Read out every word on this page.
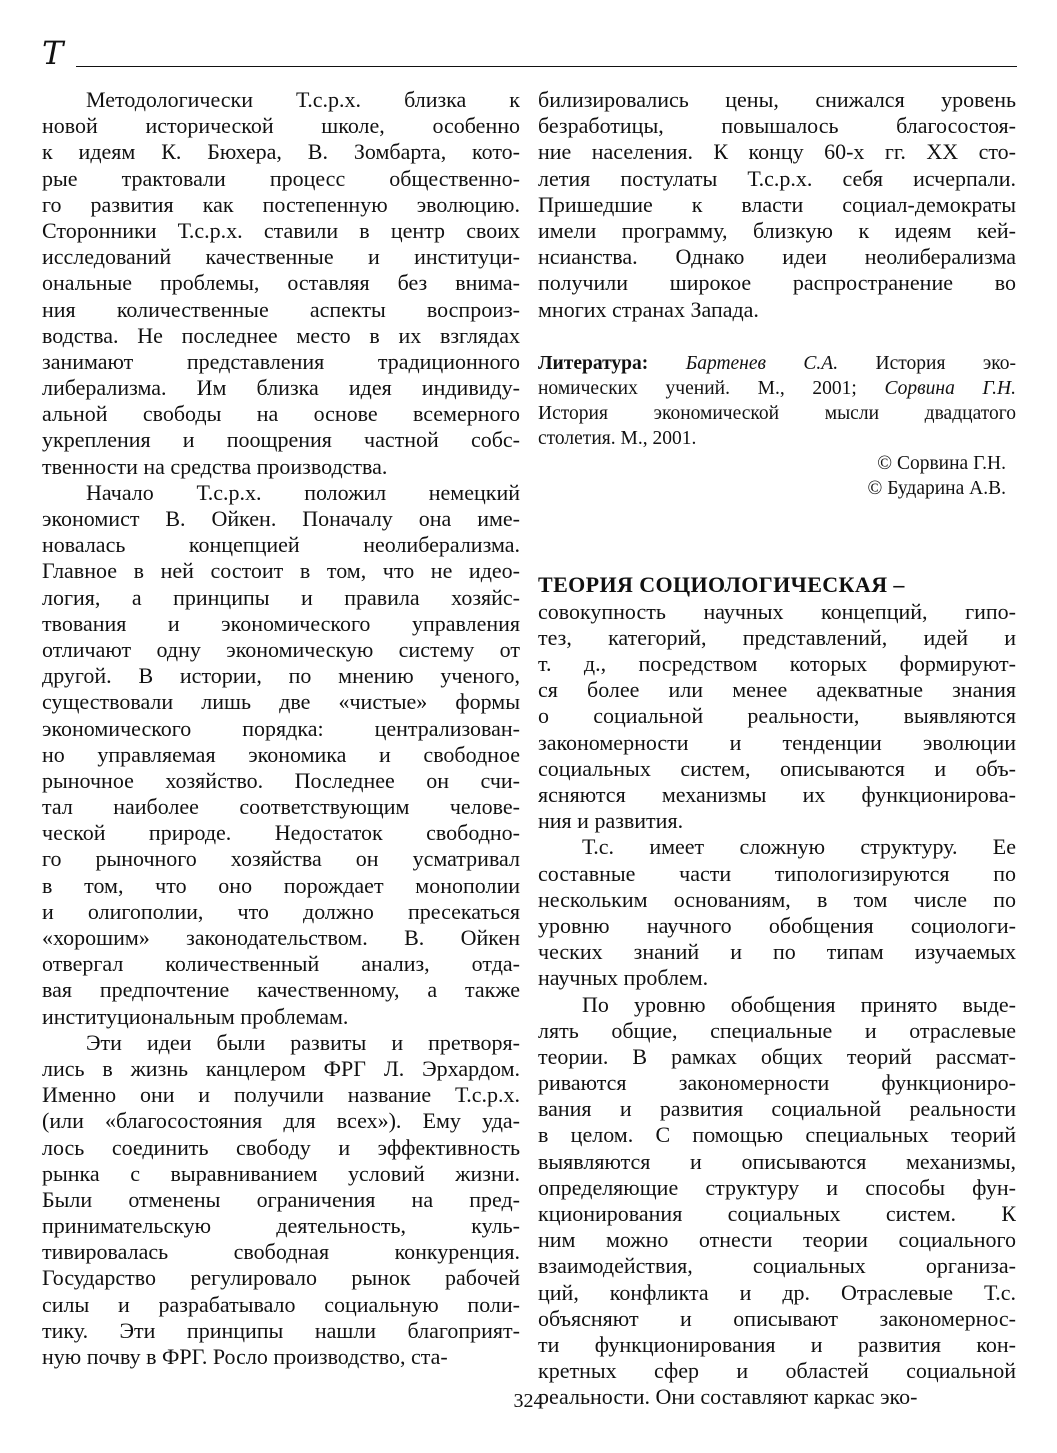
Т
Методологически Т.с.р.х. близка к
новой исторической школе, особенно
к идеям К. Бюхера, В. Зомбарта, кото-
рые трактовали процесс общественно-
го развития как постепенную эволюцию.
Сторонники Т.с.р.х. ставили в центр своих
исследований качественные и институци-
ональные проблемы, оставляя без внима-
ния количественные аспекты воспроиз-
водства. Не последнее место в их взглядах
занимают представления традиционного
либерализма. Им близка идея индивиду-
альной свободы на основе всемерного
укрепления и поощрения частной собс-
твенности на средства производства.
Начало Т.с.р.х. положил немецкий
экономист В. Ойкен. Поначалу она име-
новалась концепцией неолиберализма.
Главное в ней состоит в том, что не идео-
логия, а принципы и правила хозяйс-
твования и экономического управления
отличают одну экономическую систему от
другой. В истории, по мнению ученого,
существовали лишь две «чистые» формы
экономического порядка: централизован-
но управляемая экономика и свободное
рыночное хозяйство. Последнее он счи-
тал наиболее соответствующим челове-
ческой природе. Недостаток свободно-
го рыночного хозяйства он усматривал
в том, что оно порождает монополии
и олигополии, что должно пресекаться
«хорошим» законодательством. В. Ойкен
отвергал количественный анализ, отда-
вая предпочтение качественному, а также
институциональным проблемам.
Эти идеи были развиты и претворя-
лись в жизнь канцлером ФРГ Л. Эрхардом.
Именно они и получили название Т.с.р.х.
(или «благосостояния для всех»). Ему уда-
лось соединить свободу и эффективность
рынка с выравниванием условий жизни.
Были отменены ограничения на пред-
принимательскую деятельность, куль-
тивировалась свободная конкуренция.
Государство регулировало рынок рабочей
силы и разрабатывало социальную поли-
тику. Эти принципы нашли благоприят-
ную почву в ФРГ. Росло производство, ста-
билизировались цены, снижался уровень
безработицы, повышалось благосостоя-
ние населения. К концу 60-х гг. XX сто-
летия постулаты Т.с.р.х. себя исчерпали.
Пришедшие к власти социал-демократы
имели программу, близкую к идеям кей-
нсианства. Однако идеи неолиберализма
получили широкое распространение во
многих странах Запада.
Литература: Бартенев С.А. История эко-
номических учений. М., 2001; Сорвина Г.Н.
История экономической мысли двадцатого
столетия. М., 2001.
© Сорвина Г.Н.
© Бударина А.В.
ТЕОРИЯ СОЦИОЛОГИЧЕСКАЯ –
совокупность научных концепций, гипо-
тез, категорий, представлений, идей и
т. д., посредством которых формируют-
ся более или менее адекватные знания
о социальной реальности, выявляются
закономерности и тенденции эволюции
социальных систем, описываются и объ-
ясняются механизмы их функционирова-
ния и развития.
Т.с. имеет сложную структуру. Ее
составные части типологизируются по
нескольким основаниям, в том числе по
уровню научного обобщения социологи-
ческих знаний и по типам изучаемых
научных проблем.
По уровню обобщения принято выде-
лять общие, специальные и отраслевые
теории. В рамках общих теорий рассмат-
риваются закономерности функциониро-
вания и развития социальной реальности
в целом. С помощью специальных теорий
выявляются и описываются механизмы,
определяющие структуру и способы фун-
кционирования социальных систем. К
ним можно отнести теории социального
взаимодействия, социальных организа-
ций, конфликта и др. Отраслевые Т.с.
объясняют и описывают закономернос-
ти функционирования и развития кон-
кретных сфер и областей социальной
реальности. Они составляют каркас эко-
324
